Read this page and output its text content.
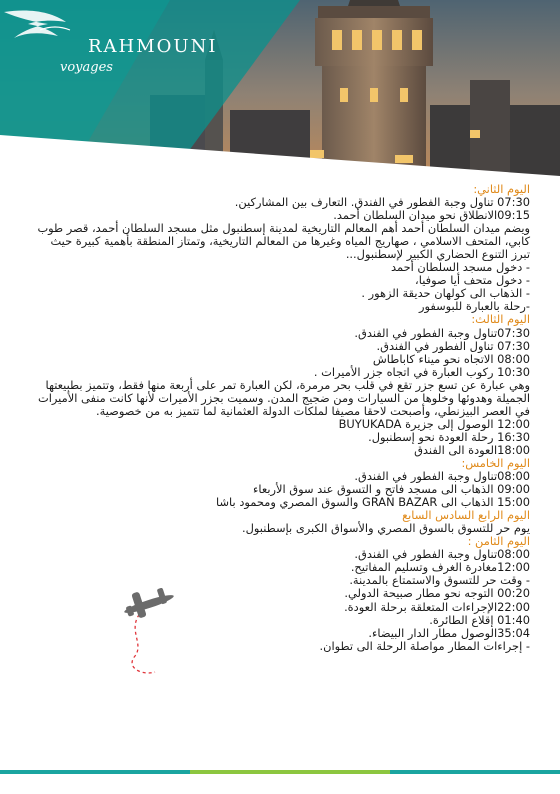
RAHMOUNI
voyages
اليوم الثاني:
07:30 تناول وجبة الفطور في الفندق. التعارف بين المشاركين.
09:15الانطلاق نحو ميدان السلطان أحمد.
ويضم ميدان السلطان أحمد أهم المعالم التاريخية لمدينة إسطنبول مثل مسجد السلطان أحمد، قصر طوب
كابي، المتحف الاسلامي ، صهاريج المياه وغيرها من المعالم التاريخية، وتمتاز المنطقة بأهمية كبيرة حيث
تبرز التنوع الحضاري الكبير لإسطنبول...
- دخول مسجد السلطان أحمد
- دخول متحف أيا صوفيا،
- الذهاب الى كولهان حديقة الزهور .
-رحلة بالعبارة للبوسفور
اليوم الثالث:
07:30تناول وجبة الفطور في الفندق.
07:30 تناول الفطور في الفندق.
08:00 الاتجاه نحو ميناء كاباطاش
10:30 ركوب العبارة في اتجاه جزر الأميرات .
وهي عبارة عن تسع جزر تقع في قلب بحر مرمرة، لكن العبارة تمر على أربعة منها فقط، وتتميز بطبيعتها
الجميلة وهدوئها وخلوها من السيارات ومن ضجيج المدن. وسميت بجزر الأميرات لأنها كانت منفى الأميرات
في العصر البيزنطي، وأصبحت لاحقا مصيفا لملكات الدولة العثمانية لما تتميز به من خصوصية.
12:00 الوصول إلى جزيرة BUYUKADA
16:30 رحلة العودة نحو إسطنبول.
18:00العودة الى الفندق
اليوم الخامس:
08:00تناول وجبة الفطور في الفندق.
09:00 الذهاب الى مسجد فاتح و التسوق عند سوق الأربعاء
15:00 الذهاب الى GRAN BAZAR والسوق المصري ومحمود باشا
اليوم الرابع السادس السابع
يوم حر للتسوق بالسوق المصري والأسواق الكبرى بإسطنبول.
اليوم الثامن :
08:00تناول وجبة الفطور في الفندق.
12:00مغادرة الغرف وتسليم المفاتيح.
- وقت حر للتسوق والاستمتاع بالمدينة.
00:20 التوجه نحو مطار صبيحة الدولي.
22:00الإجراءات المتعلقة برحلة العودة.
01:40 إقلاع الطائرة.
35:04الوصول مطار الدار البيضاء.
- إجراءات المطار مواصلة الرحلة الى تطوان.
